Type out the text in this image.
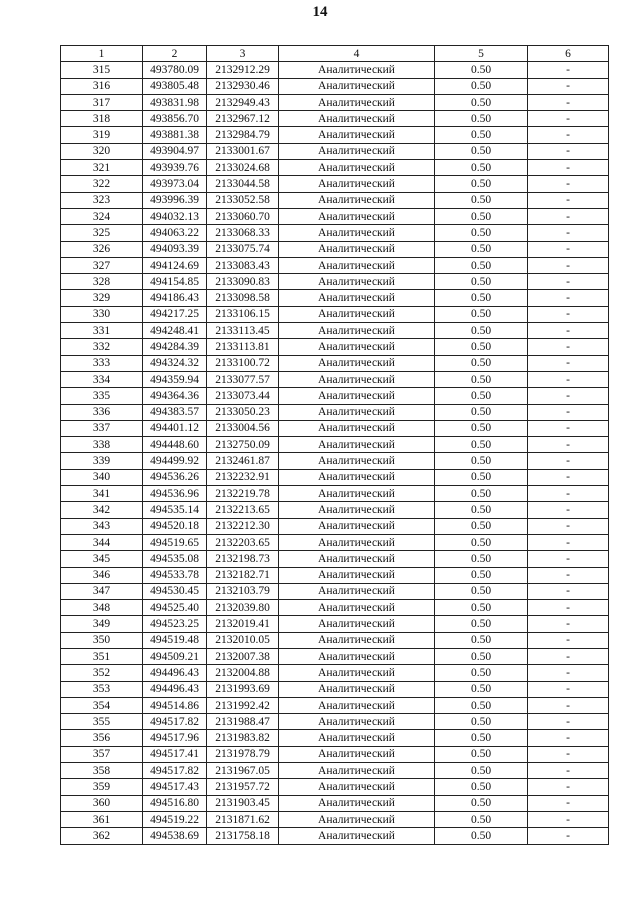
14
1	2	3	4	5	6
315	493780.09	2132912.29	Аналитический	0.50	-
316	493805.48	2132930.46	Аналитический	0.50	-
317	493831.98	2132949.43	Аналитический	0.50	-
318	493856.70	2132967.12	Аналитический	0.50	-
319	493881.38	2132984.79	Аналитический	0.50	-
320	493904.97	2133001.67	Аналитический	0.50	-
321	493939.76	2133024.68	Аналитический	0.50	-
322	493973.04	2133044.58	Аналитический	0.50	-
323	493996.39	2133052.58	Аналитический	0.50	-
324	494032.13	2133060.70	Аналитический	0.50	-
325	494063.22	2133068.33	Аналитический	0.50	-
326	494093.39	2133075.74	Аналитический	0.50	-
327	494124.69	2133083.43	Аналитический	0.50	-
328	494154.85	2133090.83	Аналитический	0.50	-
329	494186.43	2133098.58	Аналитический	0.50	-
330	494217.25	2133106.15	Аналитический	0.50	-
331	494248.41	2133113.45	Аналитический	0.50	-
332	494284.39	2133113.81	Аналитический	0.50	-
333	494324.32	2133100.72	Аналитический	0.50	-
334	494359.94	2133077.57	Аналитический	0.50	-
335	494364.36	2133073.44	Аналитический	0.50	-
336	494383.57	2133050.23	Аналитический	0.50	-
337	494401.12	2133004.56	Аналитический	0.50	-
338	494448.60	2132750.09	Аналитический	0.50	-
339	494499.92	2132461.87	Аналитический	0.50	-
340	494536.26	2132232.91	Аналитический	0.50	-
341	494536.96	2132219.78	Аналитический	0.50	-
342	494535.14	2132213.65	Аналитический	0.50	-
343	494520.18	2132212.30	Аналитический	0.50	-
344	494519.65	2132203.65	Аналитический	0.50	-
345	494535.08	2132198.73	Аналитический	0.50	-
346	494533.78	2132182.71	Аналитический	0.50	-
347	494530.45	2132103.79	Аналитический	0.50	-
348	494525.40	2132039.80	Аналитический	0.50	-
349	494523.25	2132019.41	Аналитический	0.50	-
350	494519.48	2132010.05	Аналитический	0.50	-
351	494509.21	2132007.38	Аналитический	0.50	-
352	494496.43	2132004.88	Аналитический	0.50	-
353	494496.43	2131993.69	Аналитический	0.50	-
354	494514.86	2131992.42	Аналитический	0.50	-
355	494517.82	2131988.47	Аналитический	0.50	-
356	494517.96	2131983.82	Аналитический	0.50	-
357	494517.41	2131978.79	Аналитический	0.50	-
358	494517.82	2131967.05	Аналитический	0.50	-
359	494517.43	2131957.72	Аналитический	0.50	-
360	494516.80	2131903.45	Аналитический	0.50	-
361	494519.22	2131871.62	Аналитический	0.50	-
362	494538.69	2131758.18	Аналитический	0.50	-
